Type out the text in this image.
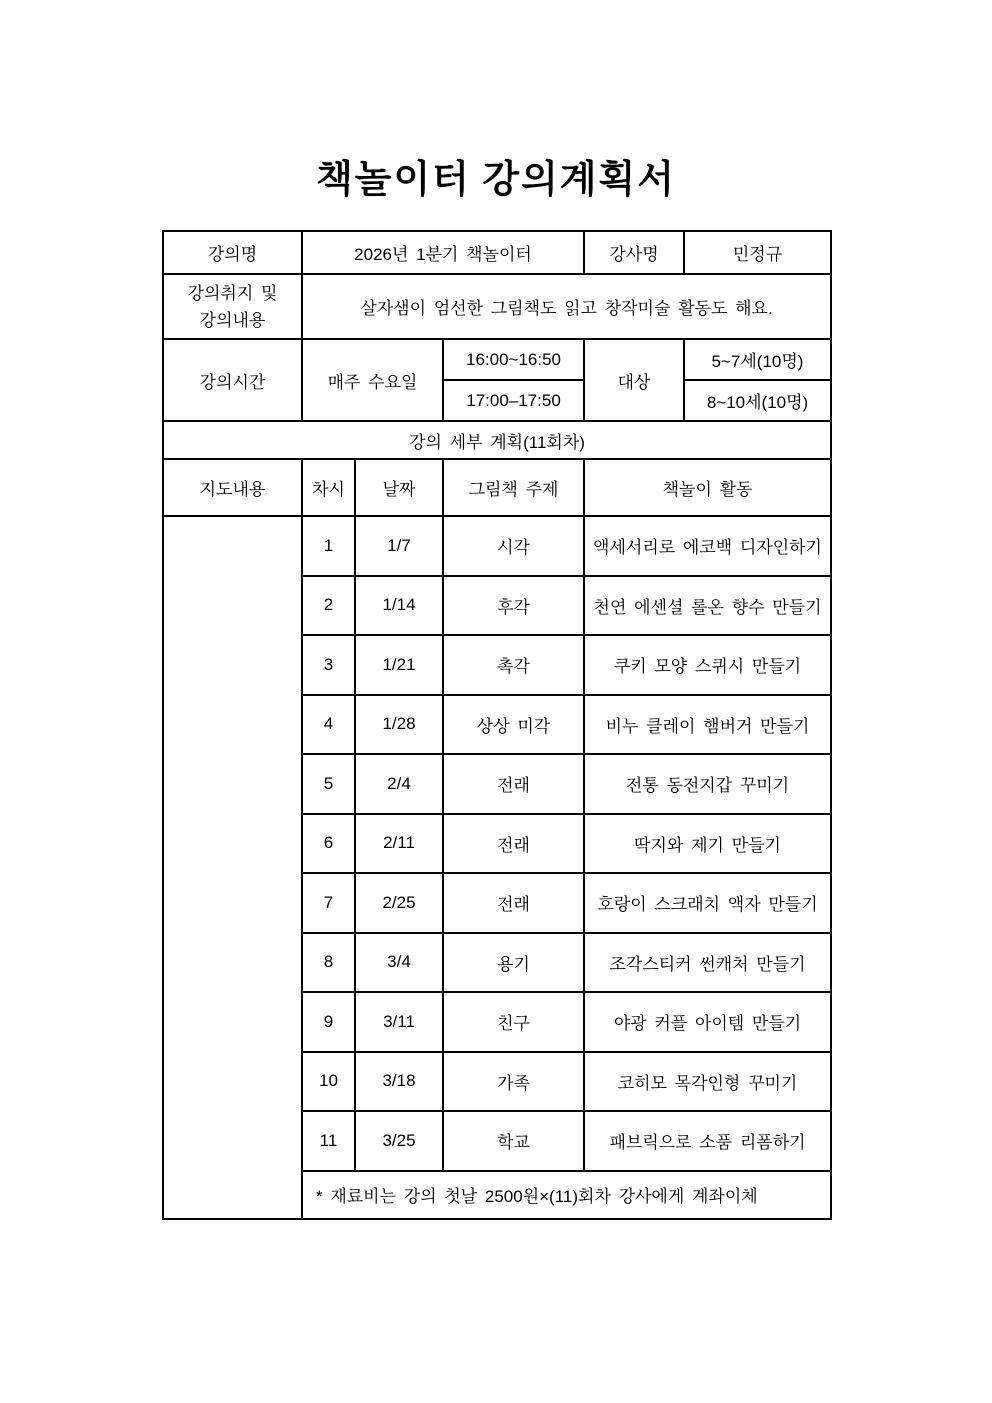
책놀이터 강의계획서
강의명	2026년 1분기 책놀이터			강사명	민정규

강의취지 및
강의내용	살자샘이 엄선한 그림책도 읽고 창작미술 활동도 해요.				
강의시간	매주 수요일		16:00~16:50	대상	5~7세(10명)
			17:00–17:50		8~10세(10명)
강의 세부 계획(11회차)					
지도내용	차시	날짜	그림책 주제	책놀이 활동	
	1	1/7	시각	액세서리로 에코백 디자인하기	
	2	1/14	후각	천연 에센셜 롤온 향수 만들기	
	3	1/21	촉각	쿠키 모양 스퀴시 만들기	
	4	1/28	상상 미각	비누 클레이 햄버거 만들기	
	5	2/4	전래	전통 동전지갑 꾸미기	
	6	2/11	전래	딱지와 제기 만들기	
	7	2/25	전래	호랑이 스크래치 액자 만들기	
	8	3/4	용기	조각스티커 썬캐처 만들기	
	9	3/11	친구	야광 커플 아이템 만들기	
	10	3/18	가족	코히모 목각인형 꾸미기	
	11	3/25	학교	패브릭으로 소품 리폼하기	
	* 재료비는 강의 첫날 2500원×(11)회차 강사에게 계좌이체				
